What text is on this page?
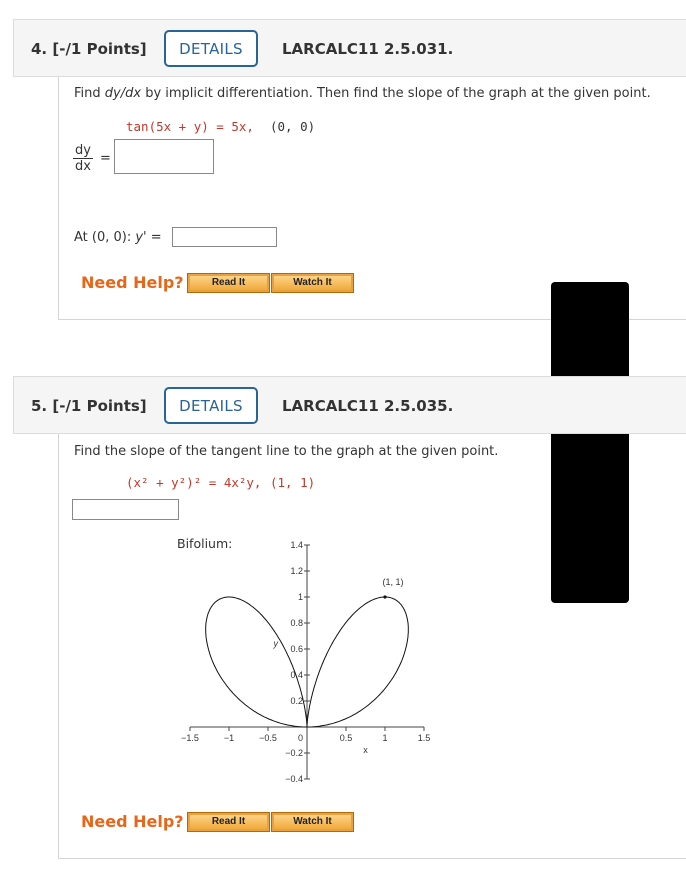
4. [-/1 Points]	DETAILS	LARCALC11 2.5.031.
Find dy/dx by implicit differentiation. Then find the slope of the graph at the given point.
tan(5x + y) = 5x, (0, 0)
$\frac{dy}{dx}$ =
At (0, 0): y' =
Need Help?	Read It	Watch It
5. [-/1 Points]	DETAILS	LARCALC11 2.5.035.
Find the slope of the tangent line to the graph at the given point.
(x² + y²)² = 4x²y, (1, 1)
Bifolium:
−1.5	−1	−0.5 0	0.5	1	1.5
1.4
1.2
1
0.8
0.6
0.4
0.2
−0.2
−0.4
x
y
(1, 1)
Need Help?	Read It	Watch It
